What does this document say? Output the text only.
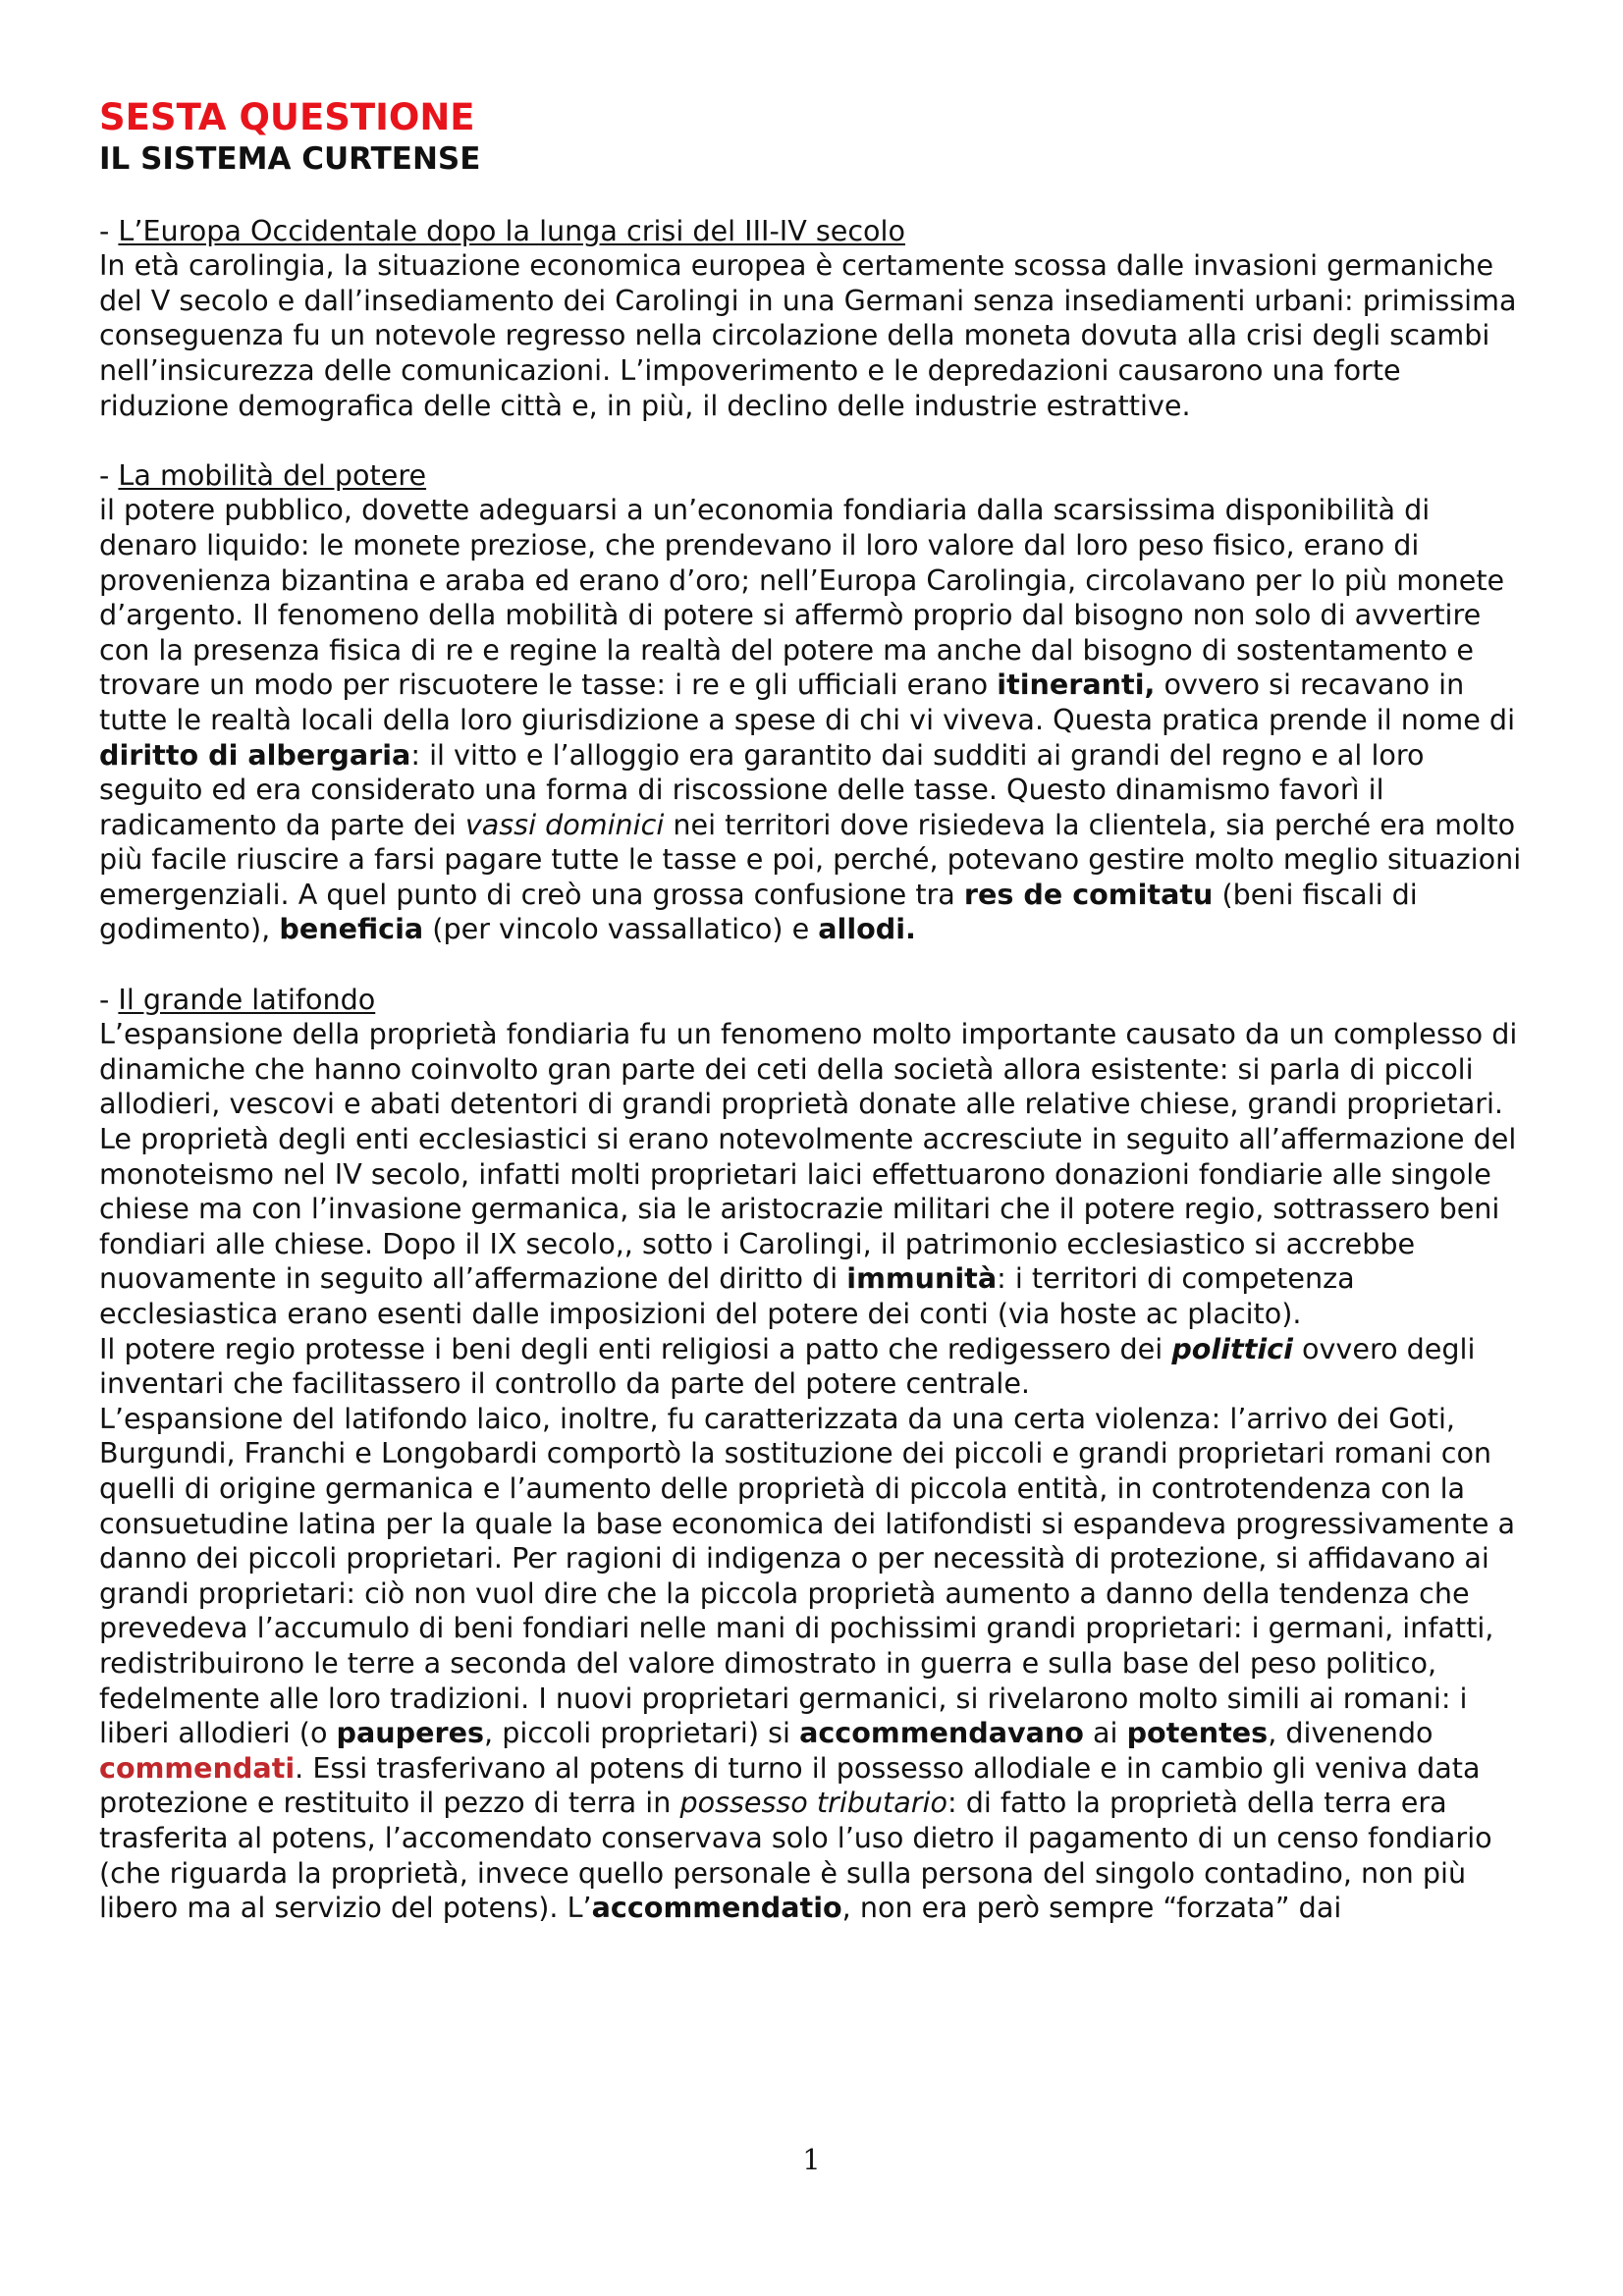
SESTA QUESTIONE
IL SISTEMA CURTENSE

- L’Europa Occidentale dopo la lunga crisi del III-IV secolo

In età carolingia, la situazione economica europea è certamente scossa dalle invasioni germaniche del V secolo e dall’insediamento dei Carolingi in una Germani senza insediamenti urbani: primissima conseguenza fu un notevole regresso nella circolazione della moneta dovuta alla crisi degli scambi nell’insicurezza delle comunicazioni. L’impoverimento e le depredazioni causarono una forte riduzione demografica delle città e, in più, il declino delle industrie estrattive.

- La mobilità del potere

il potere pubblico, dovette adeguarsi a un’economia fondiaria dalla scarsissima disponibilità di denaro liquido: le monete preziose, che prendevano il loro valore dal loro peso fisico, erano di provenienza bizantina e araba ed erano d’oro; nell’Europa Carolingia, circolavano per lo più monete d’argento. Il fenomeno della mobilità di potere si affermò proprio dal bisogno non solo di avvertire con la presenza fisica di re e regine la realtà del potere ma anche dal bisogno di sostentamento e trovare un modo per riscuotere le tasse: i re e gli ufficiali erano itineranti, ovvero si recavano in tutte le realtà locali della loro giurisdizione a spese di chi vi viveva. Questa pratica prende il nome di diritto di albergaria: il vitto e l’alloggio era garantito dai sudditi ai grandi del regno e al loro seguito ed era considerato una forma di riscossione delle tasse. Questo dinamismo favorì il radicamento da parte dei vassi dominici nei territori dove risiedeva la clientela, sia perché era molto più facile riuscire a farsi pagare tutte le tasse e poi, perché, potevano gestire molto meglio situazioni emergenziali. A quel punto di creò una grossa confusione tra res de comitatu (beni fiscali di godimento), beneficia (per vincolo vassallatico) e allodi.

- Il grande latifondo

L’espansione della proprietà fondiaria fu un fenomeno molto importante causato da un complesso di dinamiche che hanno coinvolto gran parte dei ceti della società allora esistente: si parla di piccoli allodieri, vescovi e abati detentori di grandi proprietà donate alle relative chiese, grandi proprietari.

Le proprietà degli enti ecclesiastici si erano notevolmente accresciute in seguito all’affermazione del monoteismo nel IV secolo, infatti molti proprietari laici effettuarono donazioni fondiarie alle singole chiese ma con l’invasione germanica, sia le aristocrazie militari che il potere regio, sottrassero beni fondiari alle chiese. Dopo il IX secolo,, sotto i Carolingi, il patrimonio ecclesiastico si accrebbe nuovamente in seguito all’affermazione del diritto di immunità: i territori di competenza ecclesiastica erano esenti dalle imposizioni del potere dei conti (via hoste ac placito).

Il potere regio protesse i beni degli enti religiosi a patto che redigessero dei polittici ovvero degli inventari che facilitassero il controllo da parte del potere centrale.

L’espansione del latifondo laico, inoltre, fu caratterizzata da una certa violenza: l’arrivo dei Goti, Burgundi, Franchi e Longobardi comportò la sostituzione dei piccoli e grandi proprietari romani con quelli di origine germanica e l’aumento delle proprietà di piccola entità, in controtendenza con la consuetudine latina per la quale la base economica dei latifondisti si espandeva progressivamente a danno dei piccoli proprietari. Per ragioni di indigenza o per necessità di protezione, si affidavano ai grandi proprietari: ciò non vuol dire che la piccola proprietà aumento a danno della tendenza che prevedeva l’accumulo di beni fondiari nelle mani di pochissimi grandi proprietari: i germani, infatti, redistribuirono le terre a seconda del valore dimostrato in guerra e sulla base del peso politico, fedelmente alle loro tradizioni. I nuovi proprietari germanici, si rivelarono molto simili ai romani: i liberi allodieri (o pauperes, piccoli proprietari) si accommendavano ai potentes, divenendo commendati. Essi trasferivano al potens di turno il possesso allodiale e in cambio gli veniva data protezione e restituito il pezzo di terra in possesso tributario: di fatto la proprietà della terra era trasferita al potens, l’accomendato conservava solo l’uso dietro il pagamento di un censo fondiario (che riguarda la proprietà, invece quello personale è sulla persona del singolo contadino, non più libero ma al servizio del potens). L’accommendatio, non era però sempre “forzata” dai

1
